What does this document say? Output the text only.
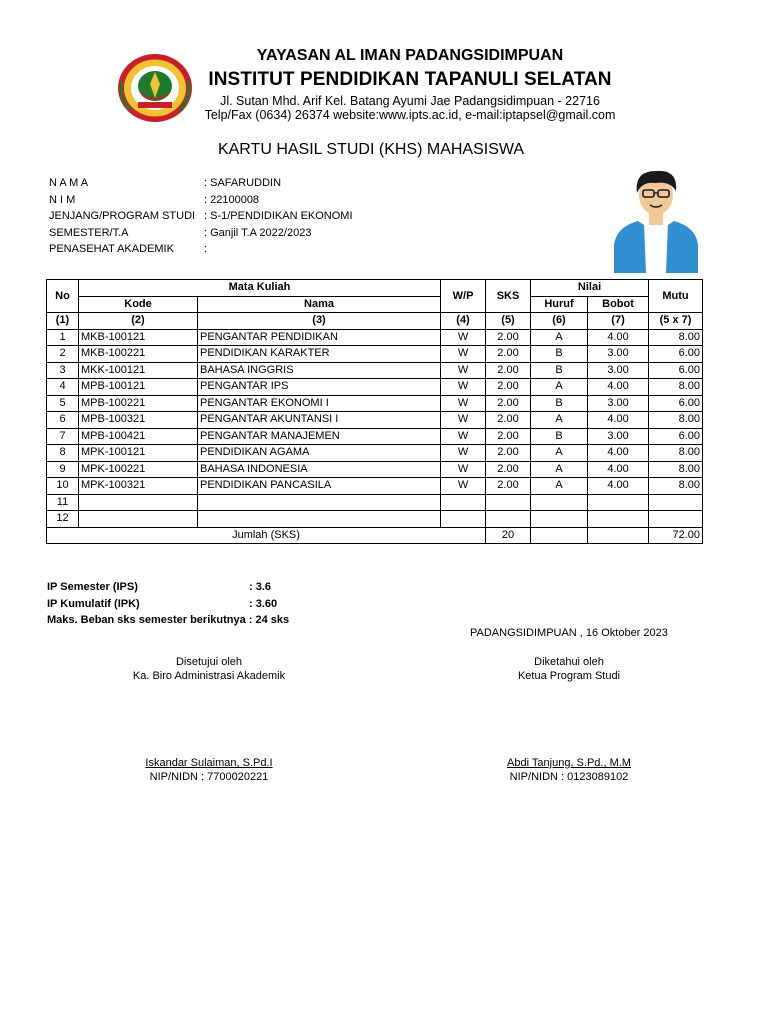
YAYASAN AL IMAN PADANGSIDIMPUAN
INSTITUT PENDIDIKAN TAPANULI SELATAN
Jl. Sutan Mhd. Arif Kel. Batang Ayumi Jae Padangsidimpuan - 22716
Telp/Fax (0634) 26374 website:www.ipts.ac.id, e-mail:iptapsel@gmail.com
KARTU HASIL STUDI (KHS) MAHASISWA
N A M A	: SAFARUDDIN
N I M	: 22100008
JENJANG/PROGRAM STUDI : S-1/PENDIDIKAN EKONOMI
SEMESTER/T.A	: Ganjil T.A 2022/2023
PENASEHAT AKADEMIK	:
No	Mata Kuliah		W/P	SKS	Nilai		Mutu
	Kode	Nama			Huruf	Bobot	
(1)	(2)	(3)	(4)	(5)	(6)	(7)	(5 x 7)
1	MKB-100121	PENGANTAR PENDIDIKAN	W	2.00	A	4.00	8.00
2	MKB-100221	PENDIDIKAN KARAKTER	W	2.00	B	3.00	6.00
3	MKK-100121	BAHASA INGGRIS	W	2.00	B	3.00	6.00
4	MPB-100121	PENGANTAR IPS	W	2.00	A	4.00	8.00
5	MPB-100221	PENGANTAR EKONOMI I	W	2.00	B	3.00	6.00
6	MPB-100321	PENGANTAR AKUNTANSI I	W	2.00	A	4.00	8.00
7	MPB-100421	PENGANTAR MANAJEMEN	W	2.00	B	3.00	6.00
8	MPK-100121	PENDIDIKAN AGAMA	W	2.00	A	4.00	8.00
9	MPK-100221	BAHASA INDONESIA	W	2.00	A	4.00	8.00
10	MPK-100321	PENDIDIKAN PANCASILA	W	2.00	A	4.00	8.00
11							
12							
Jumlah (SKS)				20			72.00
IP Semester (IPS)	: 3.6
IP Kumulatif (IPK)	: 3.60
Maks. Beban sks semester berikutnya : 24 sks
PADANGSIDIMPUAN , 16 Oktober 2023
Disetujui oleh
Ka. Biro Administrasi Akademik
Iskandar Sulaiman, S.Pd.I
NIP/NIDN : 7700020221
Diketahui oleh
Ketua Program Studi
Abdi Tanjung, S.Pd., M.M
NIP/NIDN : 0123089102
